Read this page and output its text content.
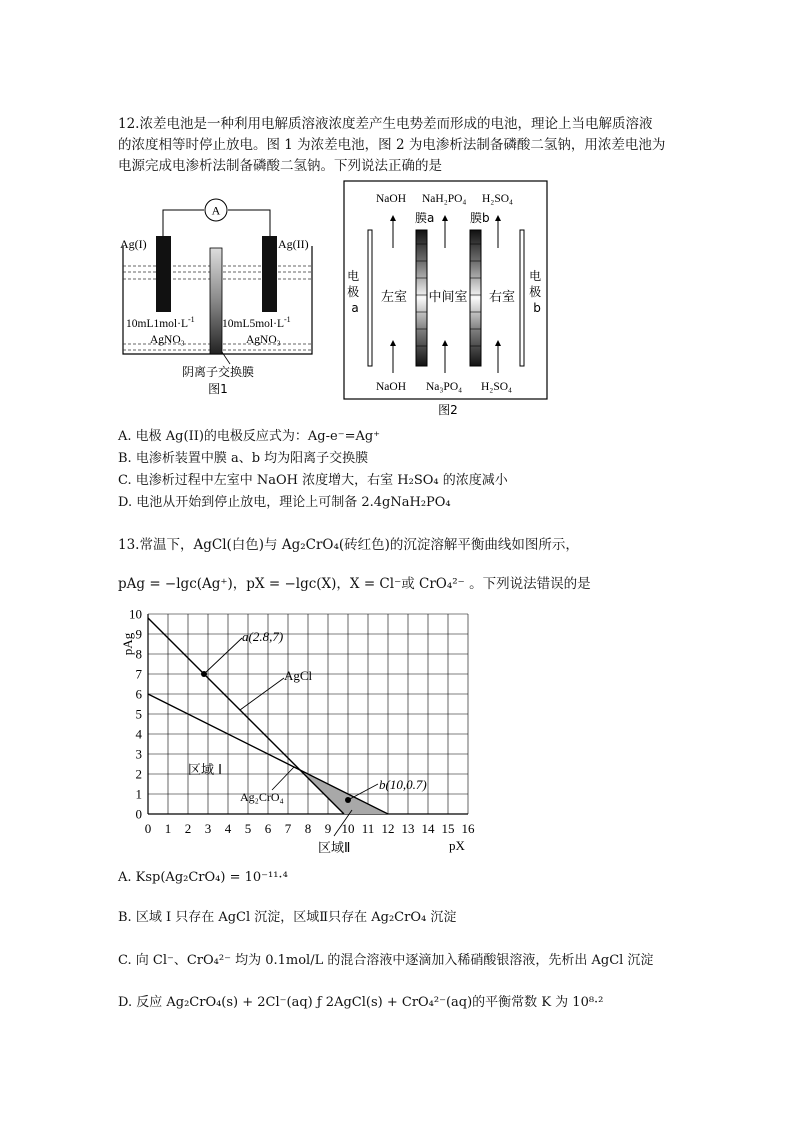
12.浓差电池是一种利用电解质溶液浓度差产生电势差而形成的电池，理论上当电解质溶液
的浓度相等时停止放电。图 1 为浓差电池，图 2 为电渗析法制备磷酸二氢钠，用浓差电池为
电源完成电渗析法制备磷酸二氢钠。下列说法正确的是
A
Ag(I)	Ag(II)
$10mL1mol\cdot L^{-1}$
AgNO₃
$10mL5mol\cdot L^{-1}$
AgNO₃
阴离子交换膜
图1
NaOH NaH₂PO₄ H₂SO₄
膜a	膜b
电 极 a
电 极 b
左室 中间室 右室
NaOH Na₃PO₄ H₂SO₄
图2
A. 电极 Ag(II)的电极反应式为：Ag-e⁻=Ag⁺
B. 电渗析装置中膜 a、b 均为阳离子交换膜
C. 电渗析过程中左室中 NaOH 浓度增大，右室 H₂SO₄ 的浓度减小
D. 电池从开始到停止放电，理论上可制备 2.4gNaH₂PO₄
13.常温下，AgCl(白色)与 Ag₂CrO₄(砖红色)的沉淀溶解平衡曲线如图所示，
pAg = −lgc(Ag⁺)，pX = −lgc(X)，X = Cl⁻或 CrO₄²⁻ 。下列说法错误的是
0 1 2 3 4 5 6 7 8 9 10 11 12 13 14 15 16
0
1
2
3
4
5
6
7
8
9
10
pAg
pX
区域 I
区域Ⅱ
AgCl
Ag₂CrO₄
a(2.8,7)
b(10,0.7)
A. Ksp(Ag₂CrO₄) = 10⁻¹¹·⁴
B. 区域 I 只存在 AgCl 沉淀，区域Ⅱ只存在 Ag₂CrO₄ 沉淀
C. 向 Cl⁻、CrO₄²⁻ 均为 0.1mol/L 的混合溶液中逐滴加入稀硝酸银溶液，先析出 AgCl 沉淀
D. 反应 Ag₂CrO₄(s) + 2Cl⁻(aq) ƒ 2AgCl(s) + CrO₄²⁻(aq)的平衡常数 K 为 10⁸·²
